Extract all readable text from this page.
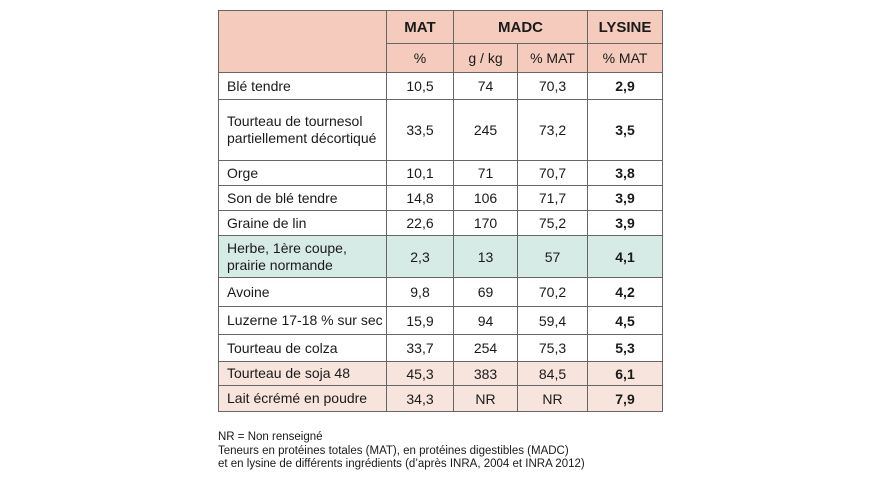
	MAT	MADC		LYSINE
	%	g / kg	% MAT	% MAT
Blé tendre	10,5	74	70,3	2,9
Tourteau de tournesol partiellement décortiqué	33,5	245	73,2	3,5
Orge	10,1	71	70,7	3,8
Son de blé tendre	14,8	106	71,7	3,9
Graine de lin	22,6	170	75,2	3,9
Herbe, 1ère coupe, prairie normande	2,3	13	57	4,1
Avoine	9,8	69	70,2	4,2
Luzerne 17-18 % sur sec	15,9	94	59,4	4,5
Tourteau de colza	33,7	254	75,3	5,3
Tourteau de soja 48	45,3	383	84,5	6,1
Lait écrémé en poudre	34,3	NR	NR	7,9
NR = Non renseigné
Teneurs en protéines totales (MAT), en protéines digestibles (MADC)
et en lysine de différents ingrédients (d’après INRA, 2004 et INRA 2012)
